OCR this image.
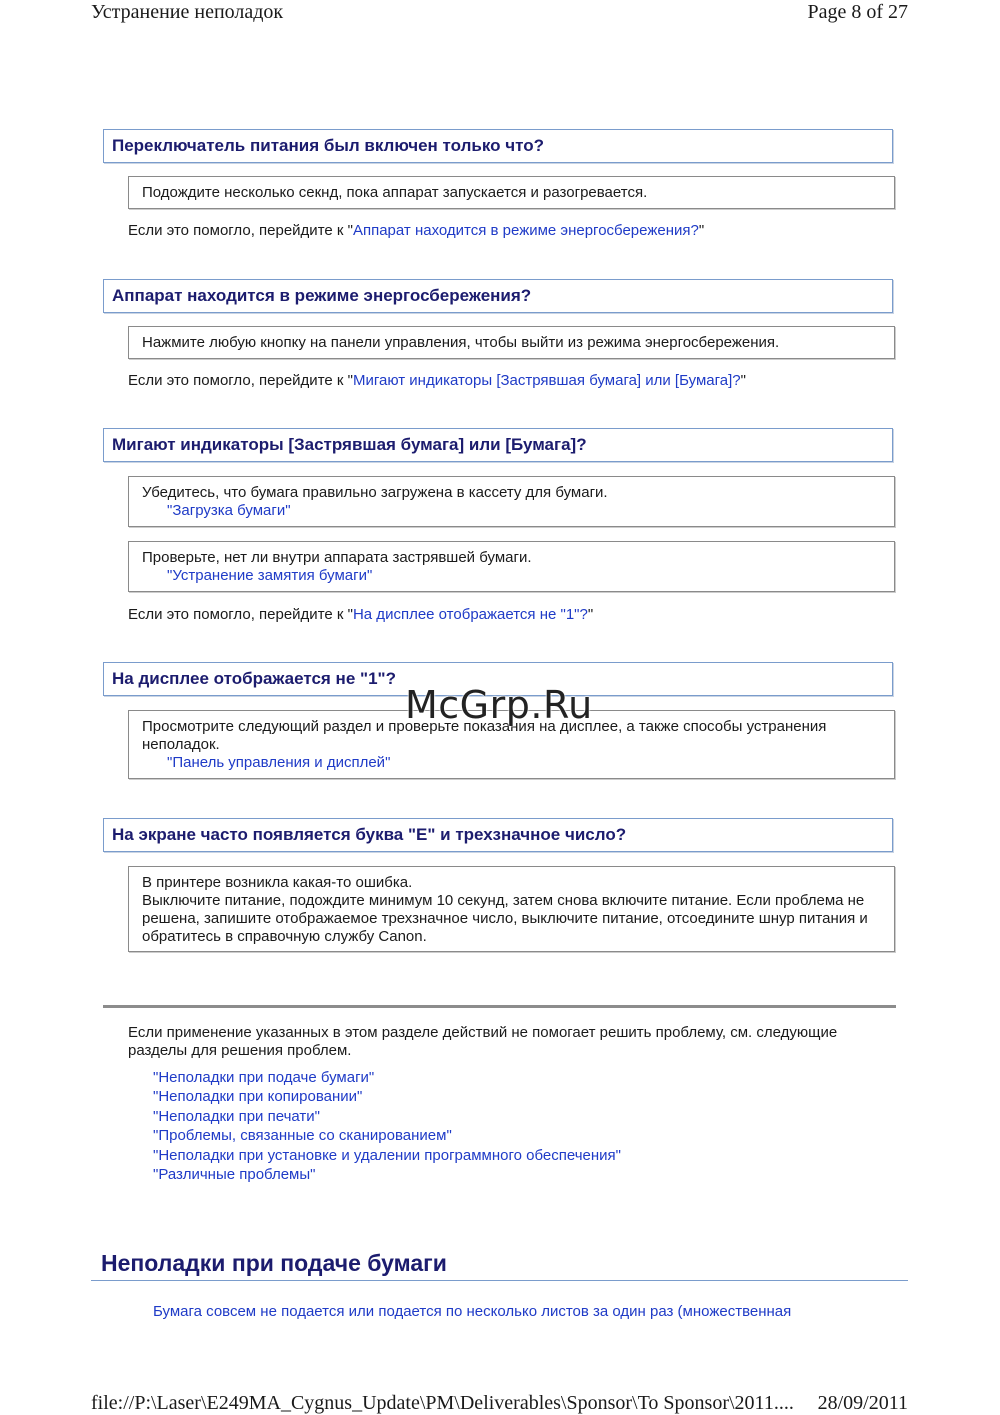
Устранение неполадок	Page 8 of 27
Переключатель питания был включен только что?
Подождите несколько секнд, пока аппарат запускается и разогревается.
Если это помогло, перейдите к "Аппарат находится в режиме энергосбережения?"
Аппарат находится в режиме энергосбережения?
Нажмите любую кнопку на панели управления, чтобы выйти из режима энергосбережения.
Если это помогло, перейдите к "Мигают индикаторы [Застрявшая бумага] или [Бумага]?"
Мигают индикаторы [Застрявшая бумага] или [Бумага]?
Убедитесь, что бумага правильно загружена в кассету для бумаги.
"Загрузка бумаги"
Проверьте, нет ли внутри аппарата застрявшей бумаги.
"Устранение замятия бумаги"
Если это помогло, перейдите к "На дисплее отображается не "1"?"
На дисплее отображается не "1"?
Просмотрите следующий раздел и проверьте показания на дисплее, а также способы устранения неполадок.
"Панель управления и дисплей"
На экране часто появляется буква "E" и трехзначное число?
В принтере возникла какая-то ошибка.
Выключите питание, подождите минимум 10 секунд, затем снова включите питание. Если проблема не решена, запишите отображаемое трехзначное число, выключите питание, отсоедините шнур питания и обратитесь в справочную службу Canon.
Если применение указанных в этом разделе действий не помогает решить проблему, см. следующие разделы для решения проблем.
"Неполадки при подаче бумаги"
"Неполадки при копировании"
"Неполадки при печати"
"Проблемы, связанные со сканированием"
"Неполадки при установке и удалении программного обеспечения"
"Различные проблемы"
Неполадки при подаче бумаги
Бумага совсем не подается или подается по несколько листов за один раз (множественная
McGrp.Ru
file://P:\Laser\E249MA_Cygnus_Update\PM\Deliverables\Sponsor\To Sponsor\2011.... 28/09/2011
